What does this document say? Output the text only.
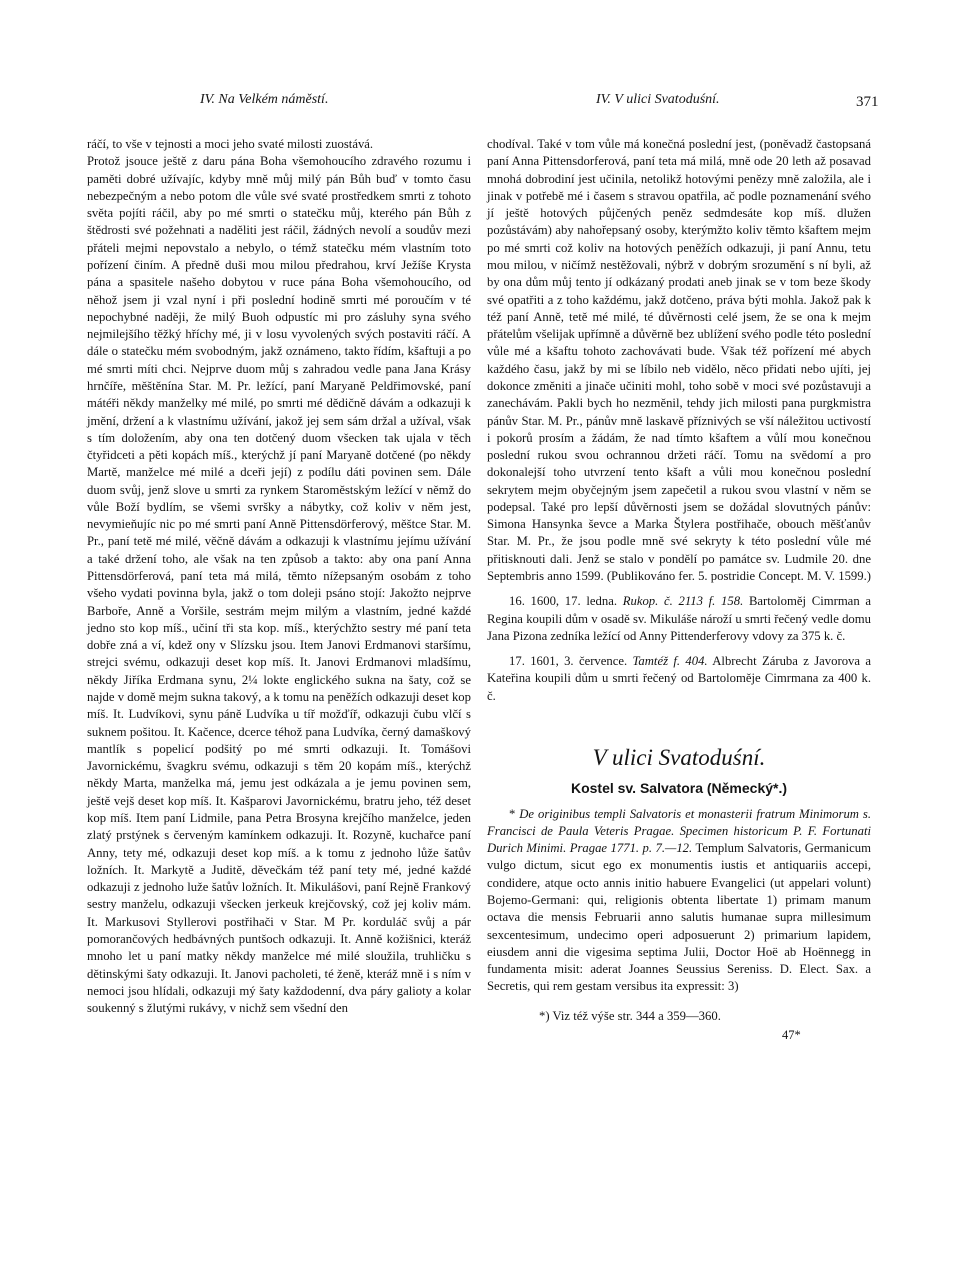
IV. Na Velkém náměstí.	IV. V ulici Svatoduśní.	371

ráčí, to vše v tejnosti a moci jeho svaté milosti zuostává.

Protož jsouce ještě z daru pána Boha všemohoucího zdravého rozumu i paměti dobré užívajíc, kdyby mně můj milý pán Bůh buď v tomto času nebezpečným a nebo potom dle vůle své svaté prostředkem smrti z tohoto světa pojíti ráčil, aby po mé smrti o statečku můj, kterého pán Bůh z štědrosti své požehnati a naděliti jest ráčil, žádných nevolí a soudův mezi přáteli mejmi nepovstalo a nebylo, o témž statečku mém vlastním toto pořízení činím. A předně duši mou milou předrahou, krví Ježíše Krysta pána a spasitele našeho dobytou v ruce pána Boha všemohoucího, od něhož jsem ji vzal nyní i při poslední hodině smrti mé poroučím v té nepochybné naději, že milý Buoh odpustíc mi pro zásluhy syna svého nejmilejšího těžký hříchy mé, ji v losu vyvolených svých postaviti ráčí. A dále o statečku mém svobodným, jakž oznámeno, takto řídím, kšaftuji a po mé smrti míti chci. Nejprve duom můj s zahradou vedle pana Jana Krásy hrnčíře, měštěnína Star. M. Pr. ležící, paní Maryaně Peldřimovské, paní mátéři někdy manželky mé milé, po smrti mé dědičně dávám a odkazuji k jmění, držení a k vlastnímu užívání, jakož jej sem sám držal a užíval, však s tím doložením, aby ona ten dotčený duom všecken tak ujala v těch čtyřidceti a pěti kopách míš., kterýchž jí paní Maryaně dotčené (po někdy Martě, manželce mé milé a dceři její) z podílu dáti povinen sem. Dále duom svůj, jenž slove u smrti za rynkem Staroměstským ležící v němž do vůle Boží bydlím, se všemi svršky a nábytky, což koliv v něm jest, nevymieňujíc nic po mé smrti paní Anně Pittensdörferový, měštce Star. M. Pr., paní tetě mé milé, věčně dávám a odkazuji k vlastnímu jejímu užívání a také držení toho, ale však na ten způsob a takto: aby ona paní Anna Pittensdörferová, paní teta má milá, těmto nížepsaným osobám z toho všeho vydati povinna byla, jakž o tom doleji psáno stojí: Jakožto nejprve Barboře, Anně a Voršile, sestrám mejm milým a vlastním, jedné každé jedno sto kop míš., učiní tři sta kop. míš., kterýchžto sestry mé paní teta dobře zná a ví, kdež ony v Slízsku jsou. Item Janovi Erdmanovi staršímu, strejci svému, odkazuji deset kop míš. It. Janovi Erdmanovi mladšímu, někdy Jiříka Erdmana synu, 2¼ lokte englického sukna na šaty, což se najde v domě mejm sukna takový, a k tomu na peněžích odkazuji deset kop míš. It. Ludvíkovi, synu páně Ludvíka u tíř možďíř, odkazuji čubu vlčí s suknem pošitou. It. Kačence, dcerce téhož pana Ludvíka, černý damaškový mantlík s popelicí podšitý po mé smrti odkazuji. It. Tomášovi Javornickému, švagkru svému, odkazuji s těm 20 kopám míš., kterýchž někdy Marta, manželka má, jemu jest odkázala a je jemu povinen sem, ještě vejš deset kop míš. It. Kašparovi Javornickému, bratru jeho, též deset kop míš. Item paní Lidmile, pana Petra Brosyna krejčího manželce, jeden zlatý prstýnek s červeným kamínkem odkazuji. It. Rozyně, kuchařce paní Anny, tety mé, odkazuji deset kop míš. a k tomu z jednoho lůže šatův ložních. It. Markytě a Juditě, děvečkám též paní tety mé, jedné každé odkazuji z jednoho luže šatův ložních. It. Mikulášovi, paní Rejně Frankový sestry manželu, odkazuji všecken jerkeuk krejčovský, což jej koliv mám. It. Markusovi Styllerovi postřihači v Star. M Pr. korduláč svůj a pár pomorančových hedbávných puntšoch odkazuji. It. Anně kožišnici, kteráž mnoho let u paní matky někdy manželce mé milé sloužila, truhličku s dětinskými šaty odkazuji. It. Janovi pacholeti, té ženě, kteráž mně i s ním v nemoci jsou hlídali, odkazuji mý šaty každodenní, dva páry galioty a kolar soukenný s žlutými rukávy, v nichž sem všední den

chodíval. Také v tom vůle má konečná poslední jest, (poněvadž častopsaná paní Anna Pittensdorferová, paní teta má milá, mně ode 20 leth až posavad mnohá dobrodiní jest učinila, netolikž hotovými penězy mně založila, ale i jinak v potřebě mé i časem s stravou opatřila, ač podle poznamenání svého jí ještě hotových půjčených peněz sedmdesáte kop míš. dlužen pozůstávám) aby nahořepsaný osoby, kterýmžto koliv těmto kšaftem mejm po mé smrti což koliv na hotových peněžích odkazuji, ji paní Annu, tetu mou milou, v ničímž nestěžovali, nýbrž v dobrým srozumění s ní byli, až by ona dům můj tento jí odkázaný prodati aneb jinak se v tom beze škody své opatřiti a z toho každému, jakž dotčeno, práva býti mohla. Jakož pak k též paní Anně, tetě mé milé, té důvěrnosti celé jsem, že se ona k mejm přátelům všelijak upřímně a důvěrně bez ublížení svého podle této poslední vůle mé a kšaftu tohoto zachovávati bude. Však též pořízení mé abych každého času, jakž by mi se líbilo neb vidělo, něco přidati nebo ujíti, jej dokonce změniti a jinače učiniti mohl, toho sobě v moci své pozůstavuji a zanechávám. Pakli bych ho nezměnil, tehdy jich milosti pana purgkmistra pánův Star. M. Pr., pánův mně laskavě příznivých se vší náležitou uctivostí i pokorů prosím a žádám, že nad tímto kšaftem a vůlí mou konečnou poslední rukou svou ochrannou držeti ráčí. Tomu na svědomí a pro dokonalejší toho utvrzení tento kšaft a vůli mou konečnou poslední sekrytem mejm obyčejným jsem zapečetil a rukou svou vlastní v něm se podepsal. Také pro lepší důvěrnosti jsem se dožádal slovutných pánův: Simona Hansynka ševce a Marka Štylera postřihače, obouch měšťanův Star. M. Pr., že jsou podle mně své sekryty k této poslední vůle mé přitisknouti dali. Jenž se stalo v pondělí po památce sv. Ludmile 20. dne Septembris anno 1599. (Publikováno fer. 5. postridie Concept. M. V. 1599.)

16. 1600, 17. ledna. Rukop. č. 2113 f. 158. Bartoloměj Cimrman a Regina koupili dům v osadě sv. Mikuláše nároží u smrti řečený vedle domu Jana Pizona zedníka ležící od Anny Pittenderferovy vdovy za 375 k. č.

17. 1601, 3. července. Tamtéž f. 404. Albrecht Záruba z Javorova a Kateřina koupili dům u smrti řečený od Bartoloměje Cimrmana za 400 k. č.

V ulici Svatoduśní.

Kostel sv. Salvatora (Německý*.)

* De originibus templi Salvatoris et monasterii fratrum Minimorum s. Francisci de Paula Veteris Pragae. Specimen historicum P. F. Fortunati Durich Minimi. Pragae 1771. p. 7.—12. Templum Salvatoris, Germanicum vulgo dictum, sicut ego ex monumentis iustis et antiquariis accepi, condidere, atque octo annis initio habuere Evangelici (ut appelari volunt) Bojemo-Germani: qui, religionis obtenta libertate 1) primam manum octava die mensis Februarii anno salutis humanae supra millesimum sexcentesimum, undecimo operi adposuerunt 2) primarium lapidem, eiusdem anni die vigesima septima Julii, Doctor Hoë ab Hoënnegg in fundamenta misit: aderat Joannes Seussius Sereniss. D. Elect. Sax. a Secretis, qui rem gestam versibus ita expressit: 3)

*) Viz též výše str. 344 a 359—360.

47*
